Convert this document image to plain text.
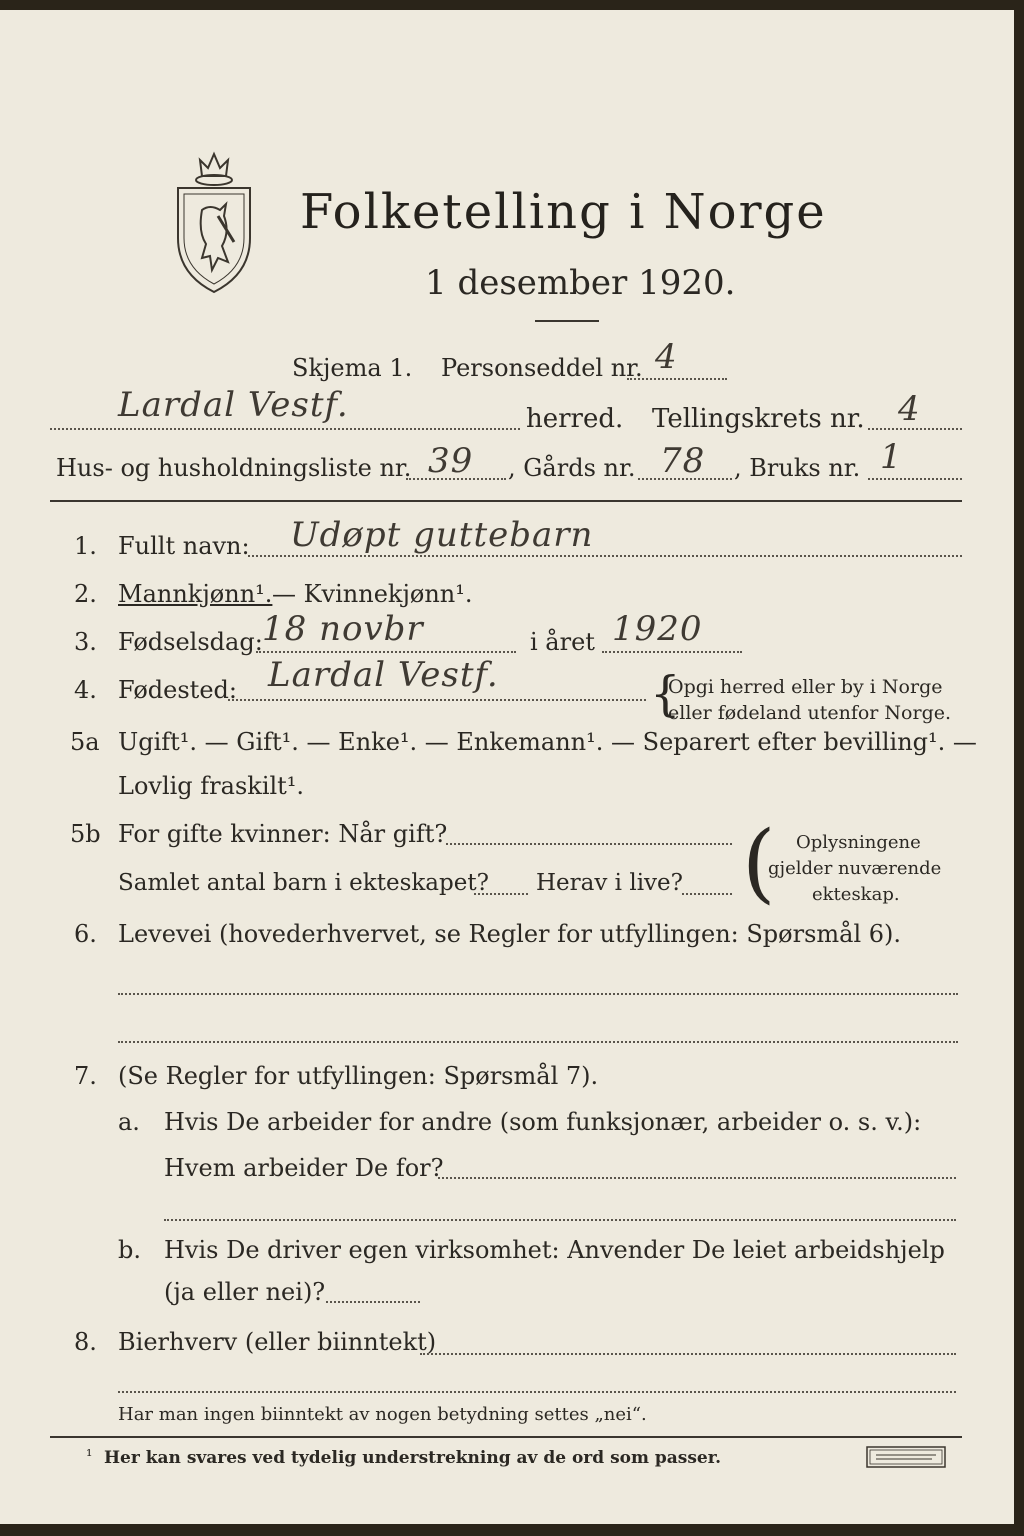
Folketelling i Norge
1 desember 1920.
Skjema 1. Personseddel nr. 4
Lardal Vestf.	herred. Tellingskrets nr. 4
Hus- og husholdningsliste nr. 39 , Gårds nr. 78 , Bruks nr. 1
1. Fullt navn: Udøpt guttebarn
2. Mannkjønn¹. — Kvinnekjønn¹.
3. Fødselsdag: 18 novbr	i året 1920
4. Fødested: Lardal Vestf.	{
Opgi herred eller by i Norge
eller fødeland utenfor Norge.
5a Ugift¹. — Gift¹. — Enke¹. — Enkemann¹. — Separert efter bevilling¹. —
Lovlig fraskilt¹.
5b For gifte kvinner: Når gift?
Samlet antal barn i ekteskapet? Herav i live? ( Oplysningene
gjelder nuværende
ekteskap.
6. Levevei (hovederhvervet, se Regler for utfyllingen: Spørsmål 6).
7. (Se Regler for utfyllingen: Spørsmål 7).
a. Hvis De arbeider for andre (som funksjonær, arbeider o. s. v.):
Hvem arbeider De for?
b. Hvis De driver egen virksomhet: Anvender De leiet arbeidshjelp
(ja eller nei)?
8. Bierhverv (eller biinntekt)
Har man ingen biinntekt av nogen betydning settes „nei“.
¹ Her kan svares ved tydelig understrekning av de ord som passer.
